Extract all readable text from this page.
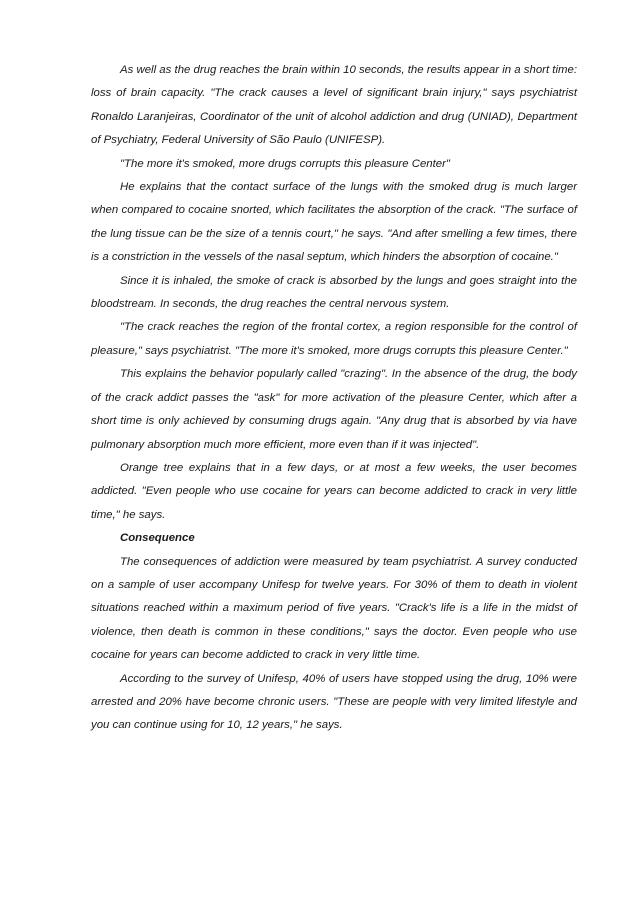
As well as the drug reaches the brain within 10 seconds, the results appear in a short time: loss of brain capacity. "The crack causes a level of significant brain injury," says psychiatrist Ronaldo Laranjeiras, Coordinator of the unit of alcohol addiction and drug (UNIAD), Department of Psychiatry, Federal University of São Paulo (UNIFESP).

"The more it's smoked, more drugs corrupts this pleasure Center"

He explains that the contact surface of the lungs with the smoked drug is much larger when compared to cocaine snorted, which facilitates the absorption of the crack. "The surface of the lung tissue can be the size of a tennis court," he says. "And after smelling a few times, there is a constriction in the vessels of the nasal septum, which hinders the absorption of cocaine."

Since it is inhaled, the smoke of crack is absorbed by the lungs and goes straight into the bloodstream. In seconds, the drug reaches the central nervous system.

"The crack reaches the region of the frontal cortex, a region responsible for the control of pleasure," says psychiatrist. "The more it's smoked, more drugs corrupts this pleasure Center."

This explains the behavior popularly called "crazing". In the absence of the drug, the body of the crack addict passes the "ask" for more activation of the pleasure Center, which after a short time is only achieved by consuming drugs again. "Any drug that is absorbed by via have pulmonary absorption much more efficient, more even than if it was injected".

Orange tree explains that in a few days, or at most a few weeks, the user becomes addicted. "Even people who use cocaine for years can become addicted to crack in very little time," he says.

Consequence

The consequences of addiction were measured by team psychiatrist. A survey conducted on a sample of user accompany Unifesp for twelve years. For 30% of them to death in violent situations reached within a maximum period of five years. "Crack's life is a life in the midst of violence, then death is common in these conditions," says the doctor. Even people who use cocaine for years can become addicted to crack in very little time.

According to the survey of Unifesp, 40% of users have stopped using the drug, 10% were arrested and 20% have become chronic users. "These are people with very limited lifestyle and you can continue using for 10, 12 years," he says.
